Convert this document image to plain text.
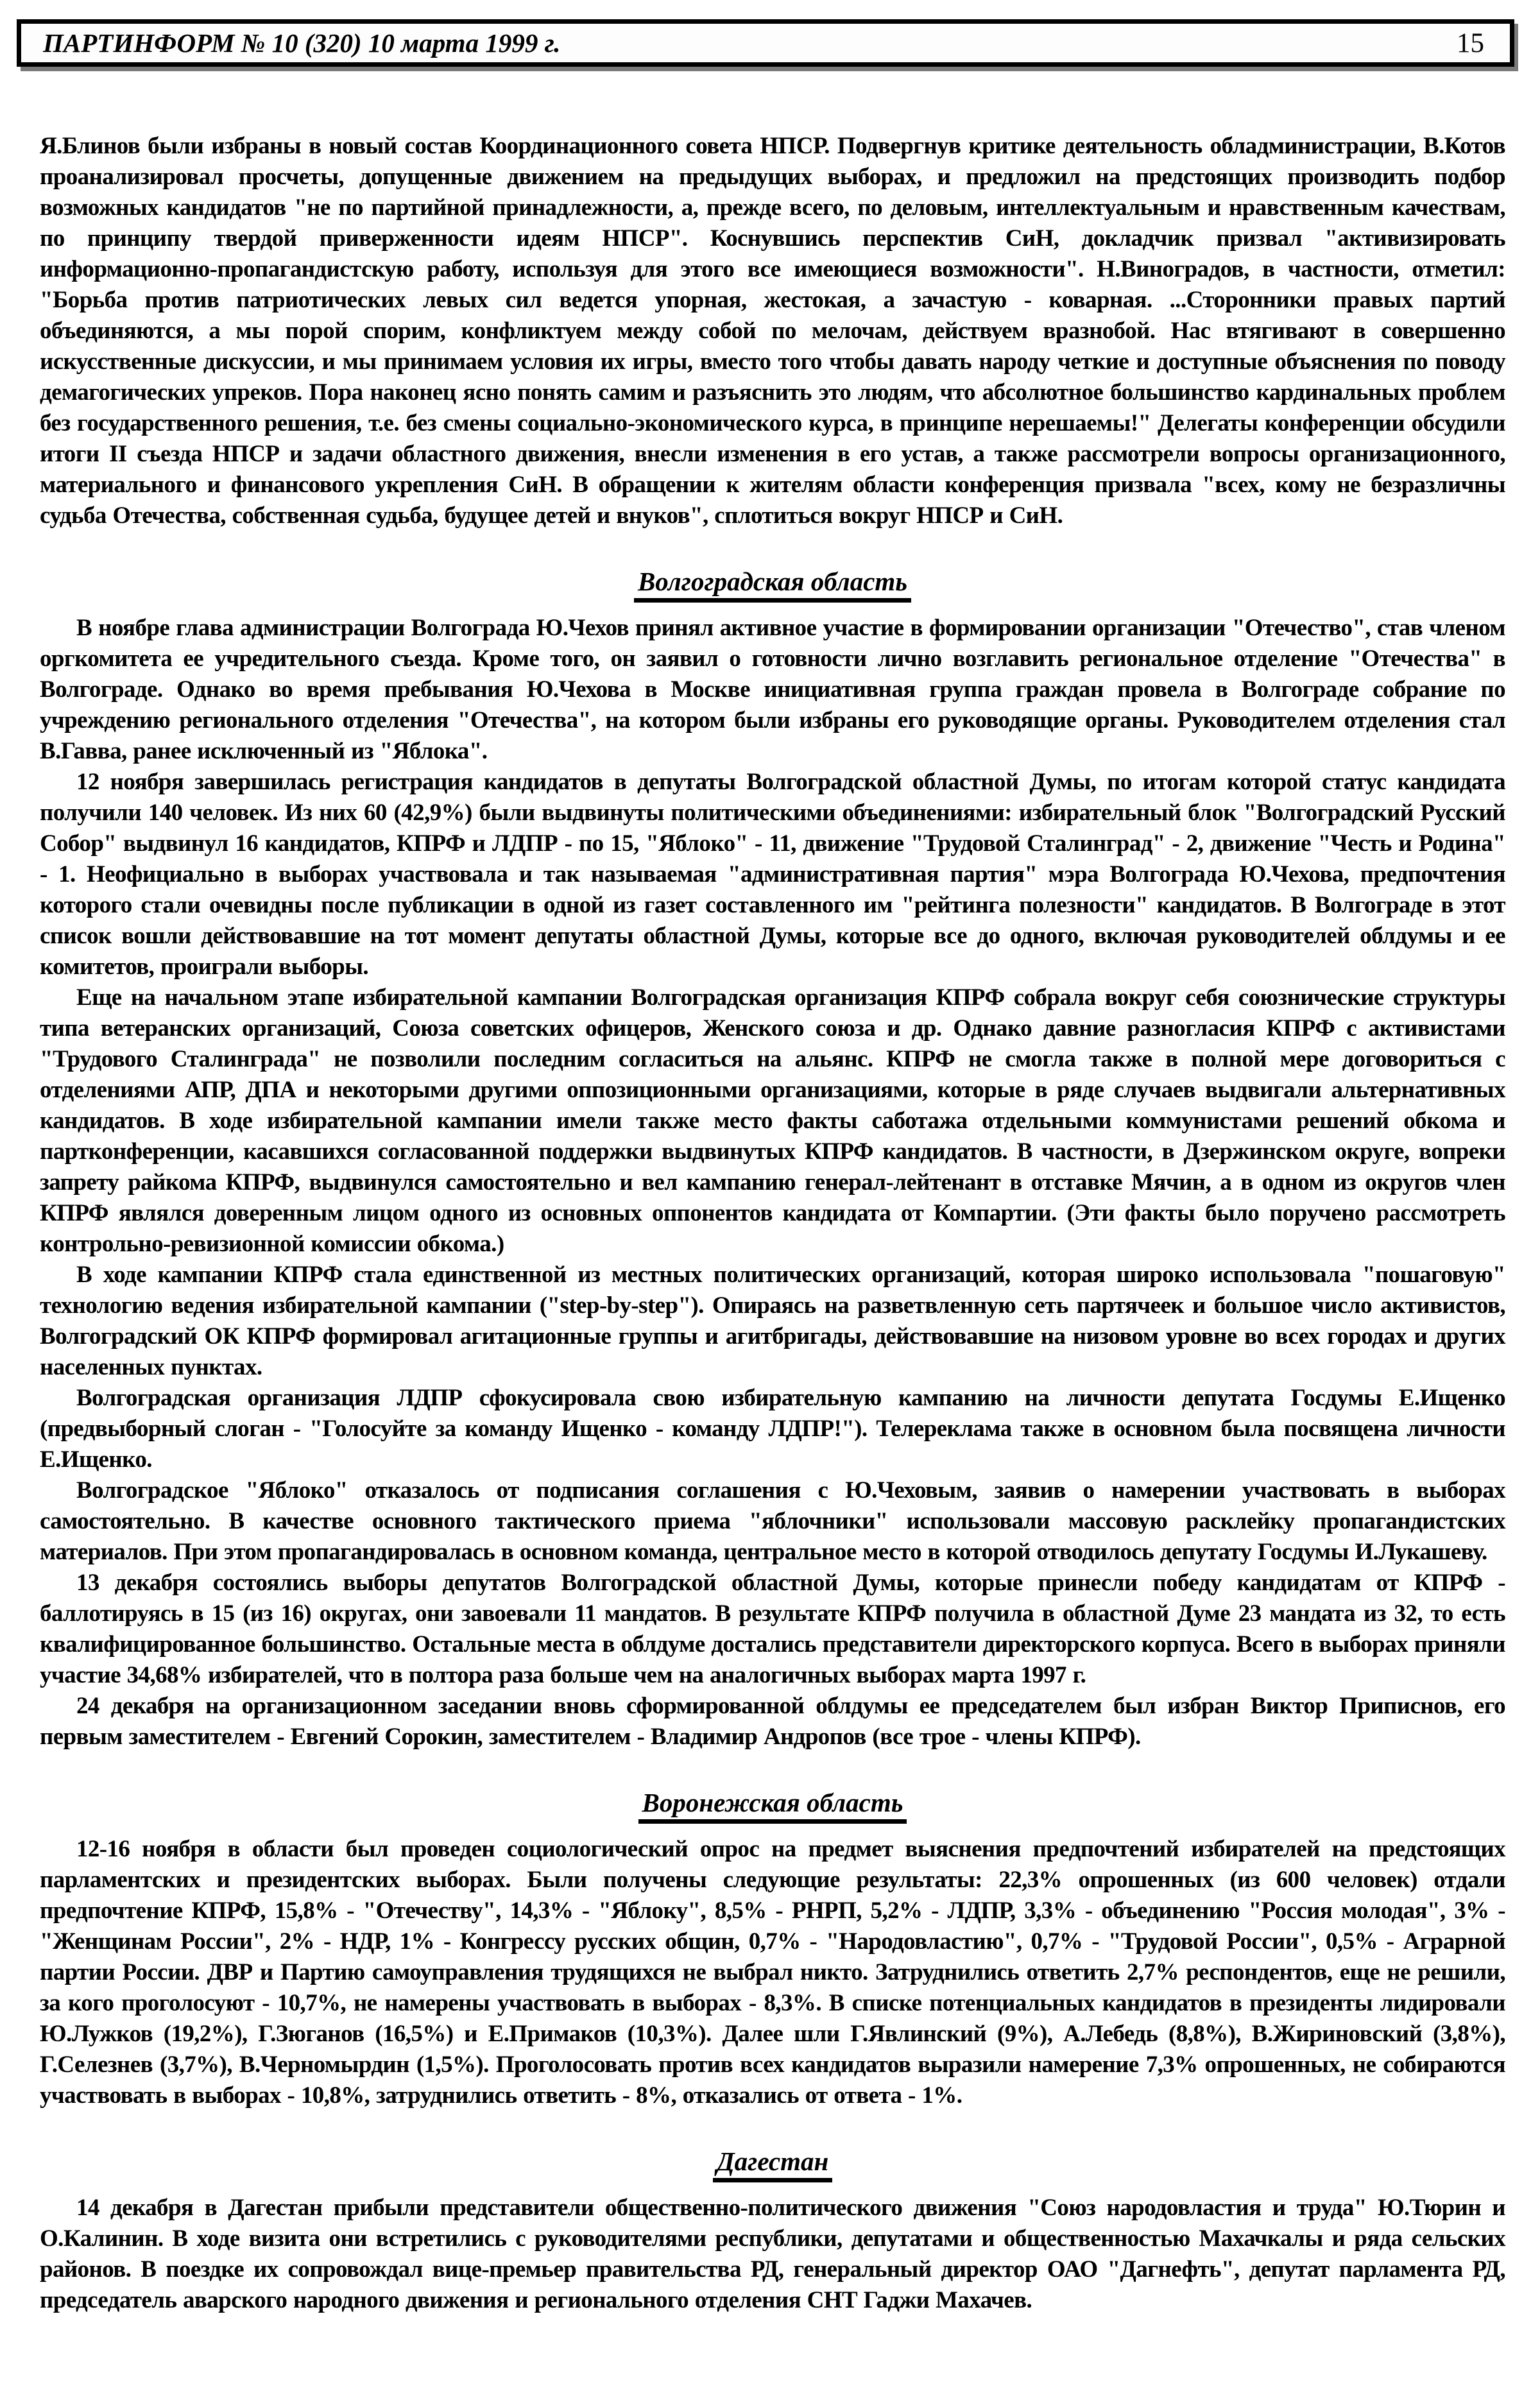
ПАРТИНФОРМ № 10 (320) 10 марта 1999 г.	15

Я.Блинов были избраны в новый состав Координационного совета НПСР. Подвергнув критике деятельность обладминистрации, В.Котов проанализировал просчеты, допущенные движением на предыдущих выборах, и предложил на предстоящих производить подбор возможных кандидатов "не по партийной принадлежности, а, прежде всего, по деловым, интеллектуальным и нравственным качествам, по принципу твердой приверженности идеям НПСР". Коснувшись перспектив СиН, докладчик призвал "активизировать информационно-пропагандистскую работу, используя для этого все имеющиеся возможности". Н.Виноградов, в частности, отметил: "Борьба против патриотических левых сил ведется упорная, жестокая, а зачастую - коварная. ...Сторонники правых партий объединяются, а мы порой спорим, конфликтуем между собой по мелочам, действуем вразнобой. Нас втягивают в совершенно искусственные дискуссии, и мы принимаем условия их игры, вместо того чтобы давать народу четкие и доступные объяснения по поводу демагогических упреков. Пора наконец ясно понять самим и разъяснить это людям, что абсолютное большинство кардинальных проблем без государственного решения, т.е. без смены социально-экономического курса, в принципе нерешаемы!" Делегаты конференции обсудили итоги II съезда НПСР и задачи областного движения, внесли изменения в его устав, а также рассмотрели вопросы организационного, материального и финансового укрепления СиН. В обращении к жителям области конференция призвала "всех, кому не безразличны судьба Отечества, собственная судьба, будущее детей и внуков", сплотиться вокруг НПСР и СиН.

Волгоградская область

В ноябре глава администрации Волгограда Ю.Чехов принял активное участие в формировании организации "Отечество", став членом оргкомитета ее учредительного съезда. Кроме того, он заявил о готовности лично возглавить региональное отделение "Отечества" в Волгограде. Однако во время пребывания Ю.Чехова в Москве инициативная группа граждан провела в Волгограде собрание по учреждению регионального отделения "Отечества", на котором были избраны его руководящие органы. Руководителем отделения стал В.Гавва, ранее исключенный из "Яблока".

12 ноября завершилась регистрация кандидатов в депутаты Волгоградской областной Думы, по итогам которой статус кандидата получили 140 человек. Из них 60 (42,9%) были выдвинуты политическими объединениями: избирательный блок "Волгоградский Русский Собор" выдвинул 16 кандидатов, КПРФ и ЛДПР - по 15, "Яблоко" - 11, движение "Трудовой Сталинград" - 2, движение "Честь и Родина" - 1. Неофициально в выборах участвовала и так называемая "административная партия" мэра Волгограда Ю.Чехова, предпочтения которого стали очевидны после публикации в одной из газет составленного им "рейтинга полезности" кандидатов. В Волгограде в этот список вошли действовавшие на тот момент депутаты областной Думы, которые все до одного, включая руководителей облдумы и ее комитетов, проиграли выборы.

Еще на начальном этапе избирательной кампании Волгоградская организация КПРФ собрала вокруг себя союзнические структуры типа ветеранских организаций, Союза советских офицеров, Женского союза и др. Однако давние разногласия КПРФ с активистами "Трудового Сталинграда" не позволили последним согласиться на альянс. КПРФ не смогла также в полной мере договориться с отделениями АПР, ДПА и некоторыми другими оппозиционными организациями, которые в ряде случаев выдвигали альтернативных кандидатов. В ходе избирательной кампании имели также место факты саботажа отдельными коммунистами решений обкома и партконференции, касавшихся согласованной поддержки выдвинутых КПРФ кандидатов. В частности, в Дзержинском округе, вопреки запрету райкома КПРФ, выдвинулся самостоятельно и вел кампанию генерал-лейтенант в отставке Мячин, а в одном из округов член КПРФ являлся доверенным лицом одного из основных оппонентов кандидата от Компартии. (Эти факты было поручено рассмотреть контрольно-ревизионной комиссии обкома.)

В ходе кампании КПРФ стала единственной из местных политических организаций, которая широко использовала "пошаговую" технологию ведения избирательной кампании ("step-by-step"). Опираясь на разветвленную сеть партячеек и большое число активистов, Волгоградский ОК КПРФ формировал агитационные группы и агитбригады, действовавшие на низовом уровне во всех городах и других населенных пунктах.

Волгоградская организация ЛДПР сфокусировала свою избирательную кампанию на личности депутата Госдумы Е.Ищенко (предвыборный слоган - "Голосуйте за команду Ищенко - команду ЛДПР!"). Телереклама также в основном была посвящена личности Е.Ищенко.

Волгоградское "Яблоко" отказалось от подписания соглашения с Ю.Чеховым, заявив о намерении участвовать в выборах самостоятельно. В качестве основного тактического приема "яблочники" использовали массовую расклейку пропагандистских материалов. При этом пропагандировалась в основном команда, центральное место в которой отводилось депутату Госдумы И.Лукашеву.

13 декабря состоялись выборы депутатов Волгоградской областной Думы, которые принесли победу кандидатам от КПРФ - баллотируясь в 15 (из 16) округах, они завоевали 11 мандатов. В результате КПРФ получила в областной Думе 23 мандата из 32, то есть квалифицированное большинство. Остальные места в облдуме достались представители директорского корпуса. Всего в выборах приняли участие 34,68% избирателей, что в полтора раза больше чем на аналогичных выборах марта 1997 г.

24 декабря на организационном заседании вновь сформированной облдумы ее председателем был избран Виктор Приписнов, его первым заместителем - Евгений Сорокин, заместителем - Владимир Андропов (все трое - члены КПРФ).

Воронежская область

12-16 ноября в области был проведен социологический опрос на предмет выяснения предпочтений избирателей на предстоящих парламентских и президентских выборах. Были получены следующие результаты: 22,3% опрошенных (из 600 человек) отдали предпочтение КПРФ, 15,8% - "Отечеству", 14,3% - "Яблоку", 8,5% - РНРП, 5,2% - ЛДПР, 3,3% - объединению "Россия молодая", 3% - "Женщинам России", 2% - НДР, 1% - Конгрессу русских общин, 0,7% - "Народовластию", 0,7% - "Трудовой России", 0,5% - Аграрной партии России. ДВР и Партию самоуправления трудящихся не выбрал никто. Затруднились ответить 2,7% респондентов, еще не решили, за кого проголосуют - 10,7%, не намерены участвовать в выборах - 8,3%. В списке потенциальных кандидатов в президенты лидировали Ю.Лужков (19,2%), Г.Зюганов (16,5%) и Е.Примаков (10,3%). Далее шли Г.Явлинский (9%), А.Лебедь (8,8%), В.Жириновский (3,8%), Г.Селезнев (3,7%), В.Черномырдин (1,5%). Проголосовать против всех кандидатов выразили намерение 7,3% опрошенных, не собираются участвовать в выборах - 10,8%, затруднились ответить - 8%, отказались от ответа - 1%.

Дагестан

14 декабря в Дагестан прибыли представители общественно-политического движения "Союз народовластия и труда" Ю.Тюрин и О.Калинин. В ходе визита они встретились с руководителями республики, депутатами и общественностью Махачкалы и ряда сельских районов. В поездке их сопровождал вице-премьер правительства РД, генеральный директор ОАО "Дагнефть", депутат парламента РД, председатель аварского народного движения и регионального отделения СНТ Гаджи Махачев.
